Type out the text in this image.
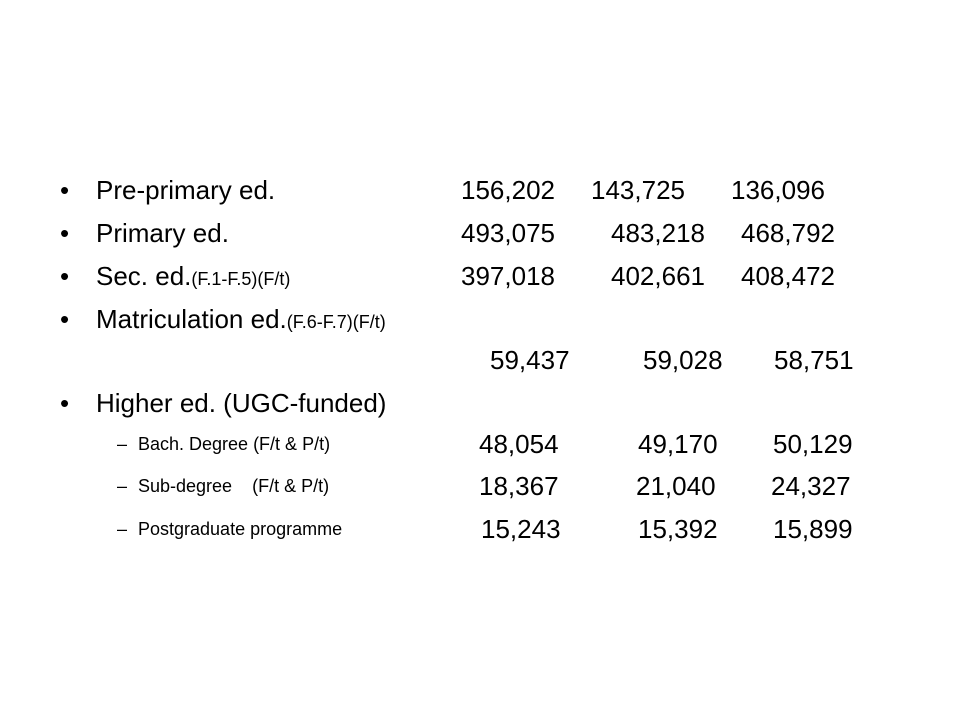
• Pre-primary ed.	156,202 143,725 136,096
• Primary ed.	493,075 483,218 468,792
• Sec. ed.(F.1-F.5)(F/t)	397,018 402,661 408,472
• Matriculation ed.(F.6-F.7)(F/t)
59,437	59,028 58,751
• Higher ed. (UGC-funded)
– Bach. Degree (F/t & P/t)	48,054	49,170 50,129
– Sub-degree    (F/t & P/t)	18,367	21,040 24,327
– Postgraduate programme	15,243	15,392 15,899
